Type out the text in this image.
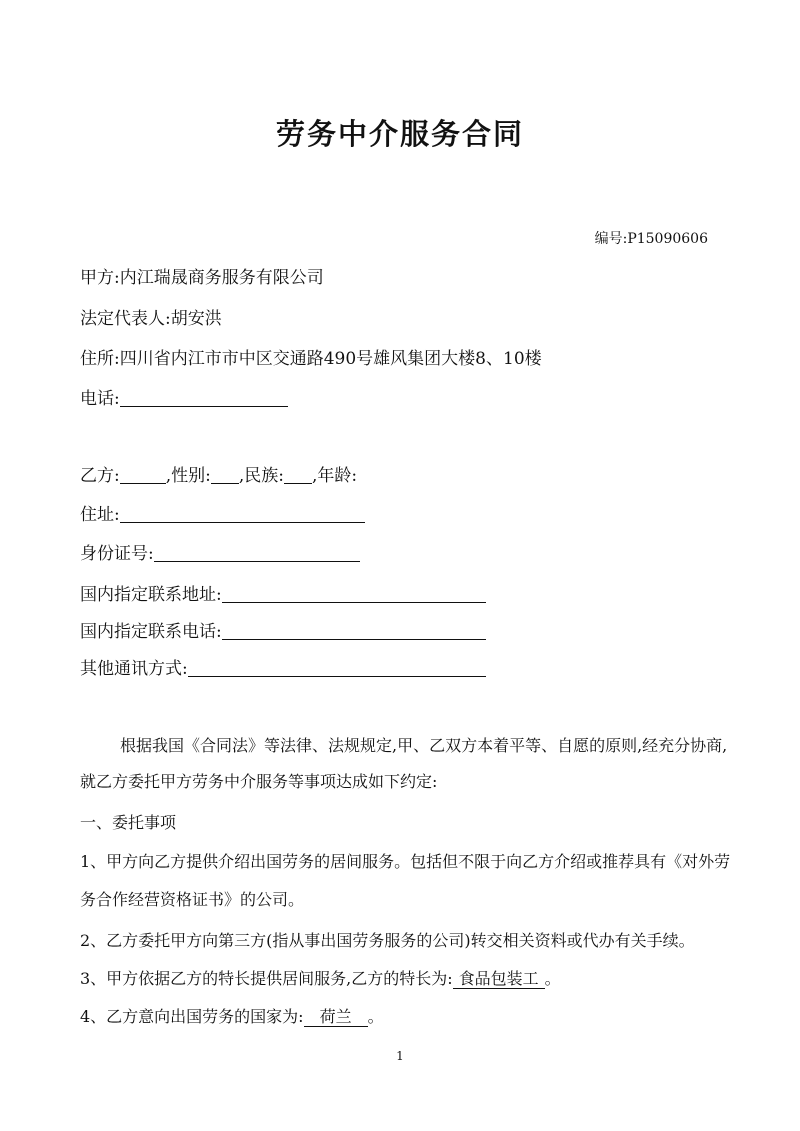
劳务中介服务合同
编号:P15090606
甲方:内江瑞晟商务服务有限公司
法定代表人:胡安洪
住所:四川省内江市市中区交通路490号雄风集团大楼8、10楼
电话:
乙方:	,性别: ,民族: ,年龄:
住址:
身份证号:
国内指定联系地址:
国内指定联系电话:
其他通讯方式:
根据我国《合同法》等法律、法规规定,甲、乙双方本着平等、自愿的原则,经充分协商,
就乙方委托甲方劳务中介服务等事项达成如下约定:
一、委托事项
1、甲方向乙方提供介绍出国劳务的居间服务。包括但不限于向乙方介绍或推荐具有《对外劳
务合作经营资格证书》的公司。
2、乙方委托甲方向第三方(指从事出国劳务服务的公司)转交相关资料或代办有关手续。
3、甲方依据乙方的特长提供居间服务,乙方的特长为: 食品包装工 。
4、乙方意向出国劳务的国家为: 荷兰 。
1
